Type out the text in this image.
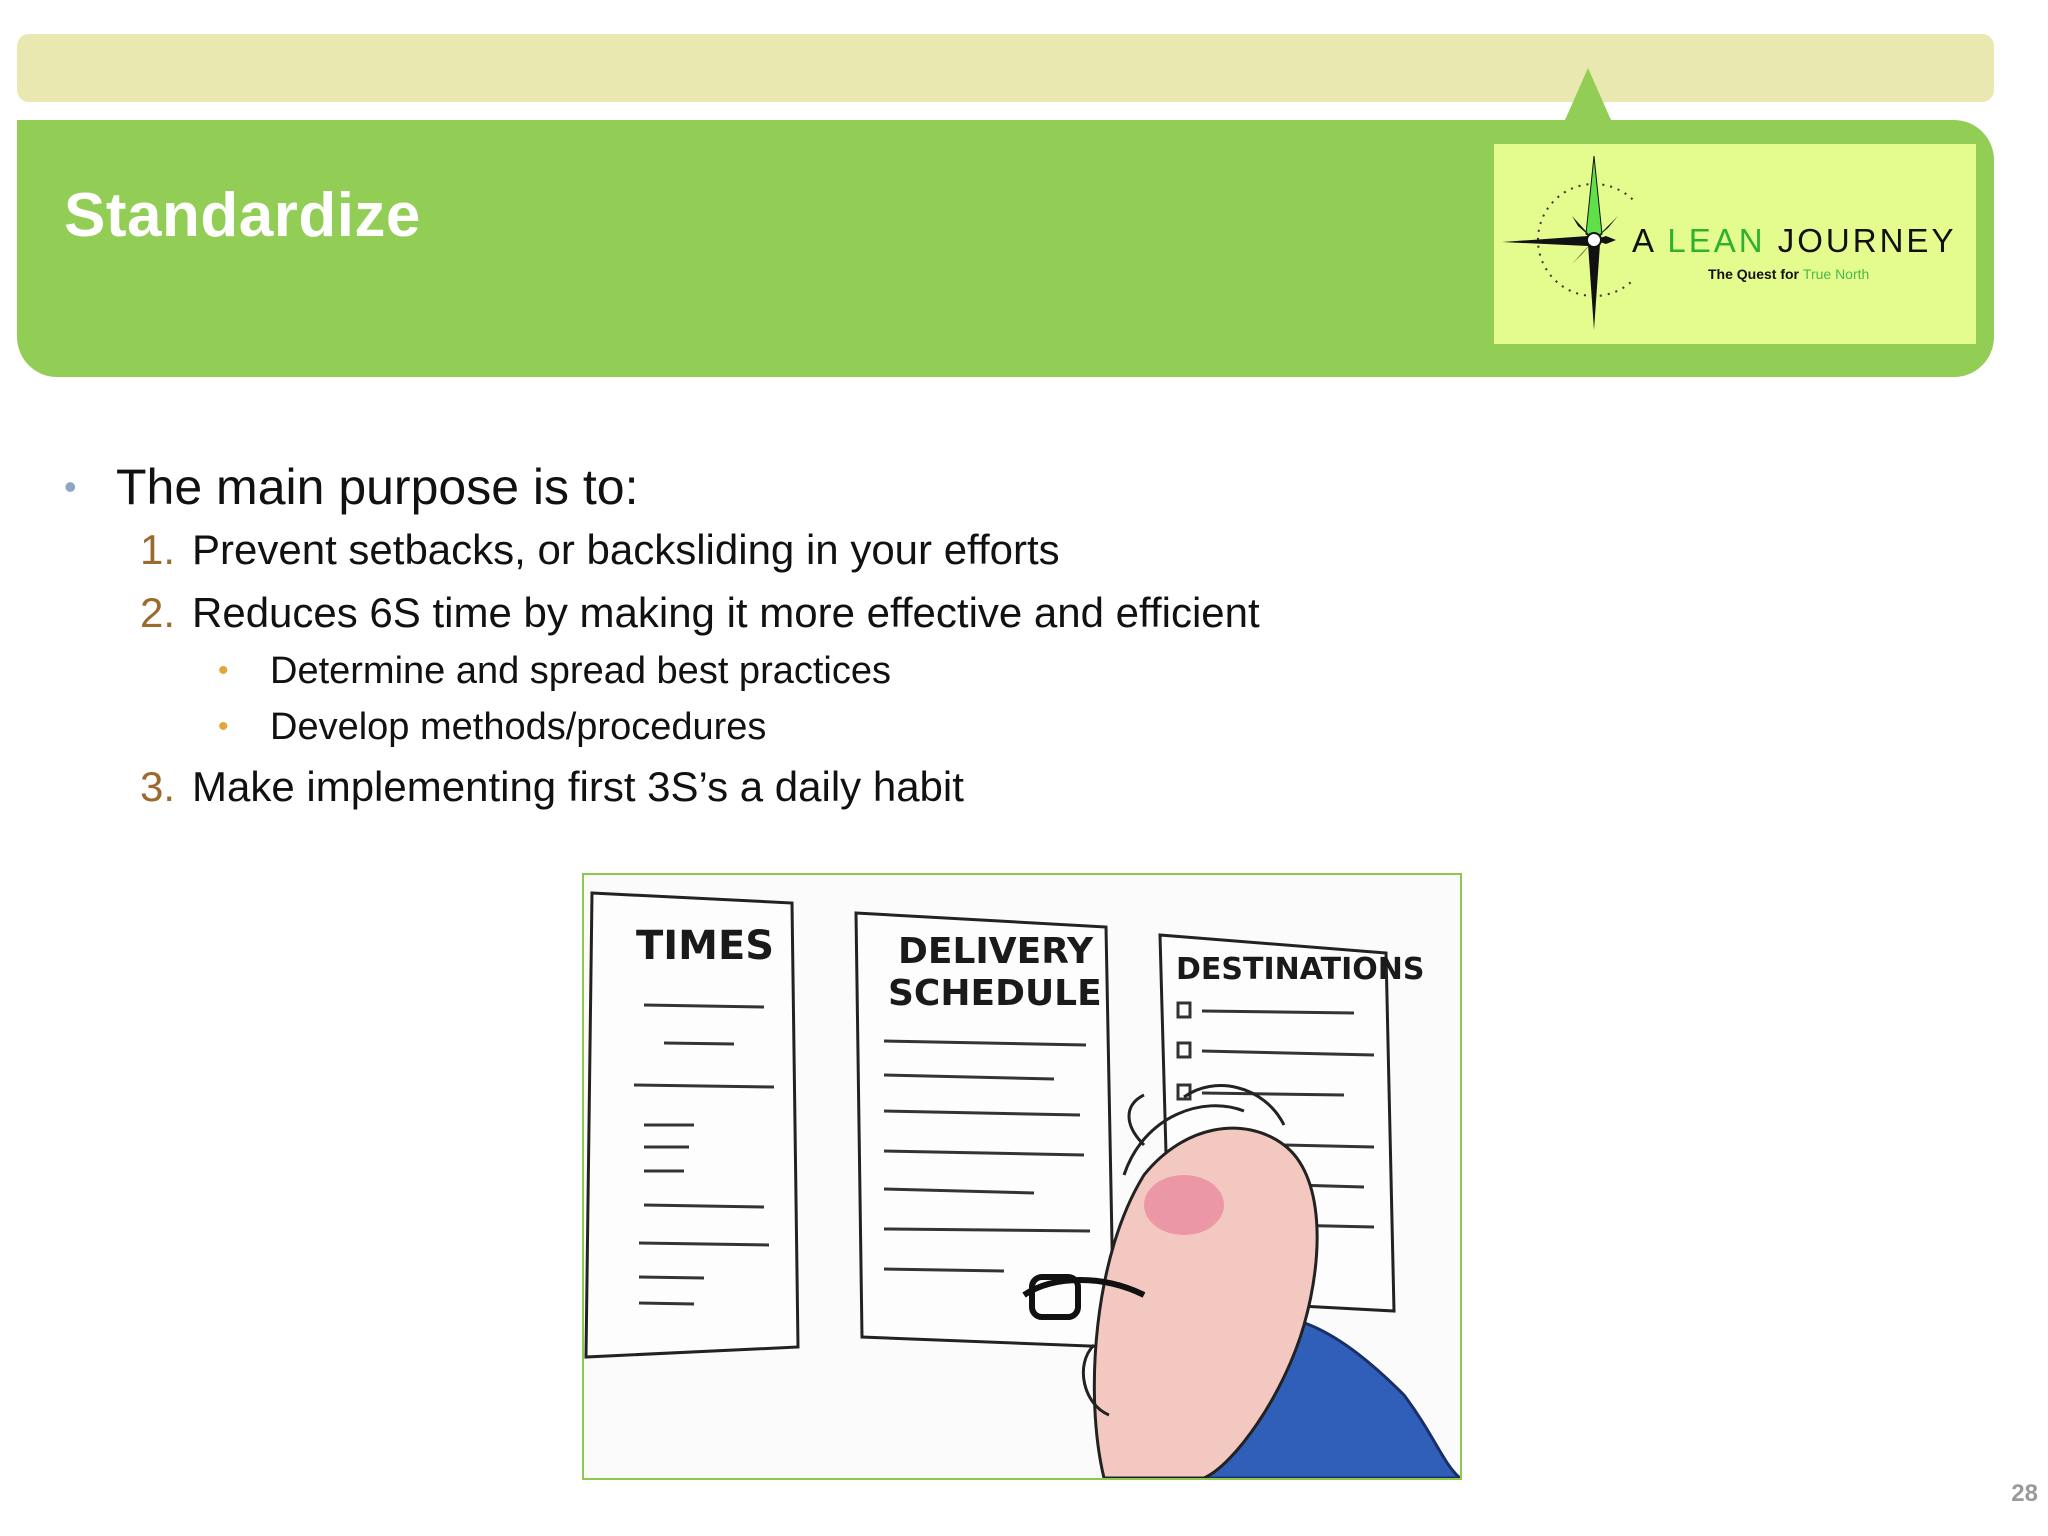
Standardize	A LEAN JOURNEY
The Quest for True North
• The main purpose is to:
1. Prevent setbacks, or backsliding in your efforts
2. Reduces 6S time by making it more effective and efficient
• Determine and spread best practices
• Develop methods/procedures
3. Make implementing first 3S’s a daily habit
TIMES	DELIVERY
SCHEDULE
DESTINATIONS
28
